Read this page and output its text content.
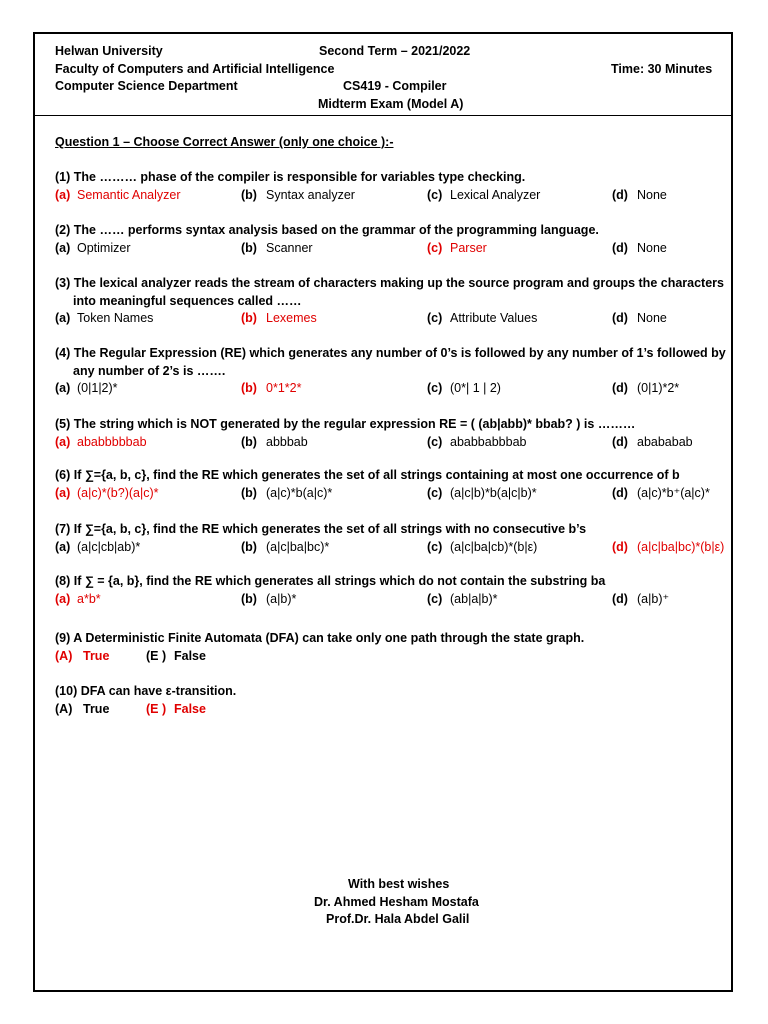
Helwan University
Faculty of Computers and Artificial Intelligence
Computer Science Department
Second Term – 2021/2022
CS419 - Compiler
Midterm Exam (Model A)
Time: 30 Minutes
Question 1 – Choose Correct Answer (only one choice ):-
(1) The ……… phase of the compiler is responsible for variables type checking.
(a) Semantic Analyzer	(b) Syntax analyzer	(c) Lexical Analyzer	(d) None
(2) The …… performs syntax analysis based on the grammar of the programming language.
(a) Optimizer	(b) Scanner	(c) Parser	(d) None
(3) The lexical analyzer reads the stream of characters making up the source program and groups the characters
into meaningful sequences called ……
(a) Token Names	(b) Lexemes	(c) Attribute Values	(d) None
(4) The Regular Expression (RE) which generates any number of 0’s is followed by any number of 1’s followed by
any number of 2’s is …….
(a) (0|1|2)*	(b) 0*1*2*	(c) (0*| 1 | 2)	(d) (0|1)*2*
(5) The string which is NOT generated by the regular expression RE = ( (ab|abb)* bbab? ) is ………
(a) ababbbbbab	(b) abbbab	(c) ababbabbbab	(d) abababab
(6) If ∑={a, b, c}, find the RE which generates the set of all strings containing at most one occurrence of b
(a) (a|c)*(b?)(a|c)*	(b) (a|c)*b(a|c)*	(c) (a|c|b)*b(a|c|b)*	(d) (a|c)*b⁺(a|c)*
(7) If ∑={a, b, c}, find the RE which generates the set of all strings with no consecutive b’s
(a) (a|c|cb|ab)*	(b) (a|c|ba|bc)*	(c) (a|c|ba|cb)*(b|ε)	(d) (a|c|ba|bc)*(b|ε)
(8) If ∑ = {a, b}, find the RE which generates all strings which do not contain the substring ba
(a) a*b*	(b) (a|b)*	(c) (ab|a|b)*	(d) (a|b)⁺
(9) A Deterministic Finite Automata (DFA) can take only one path through the state graph.
(A) True	(E ) False
(10) DFA can have ε-transition.
(A) True	(E ) False
With best wishes
Dr. Ahmed Hesham Mostafa
Prof.Dr. Hala Abdel Galil
